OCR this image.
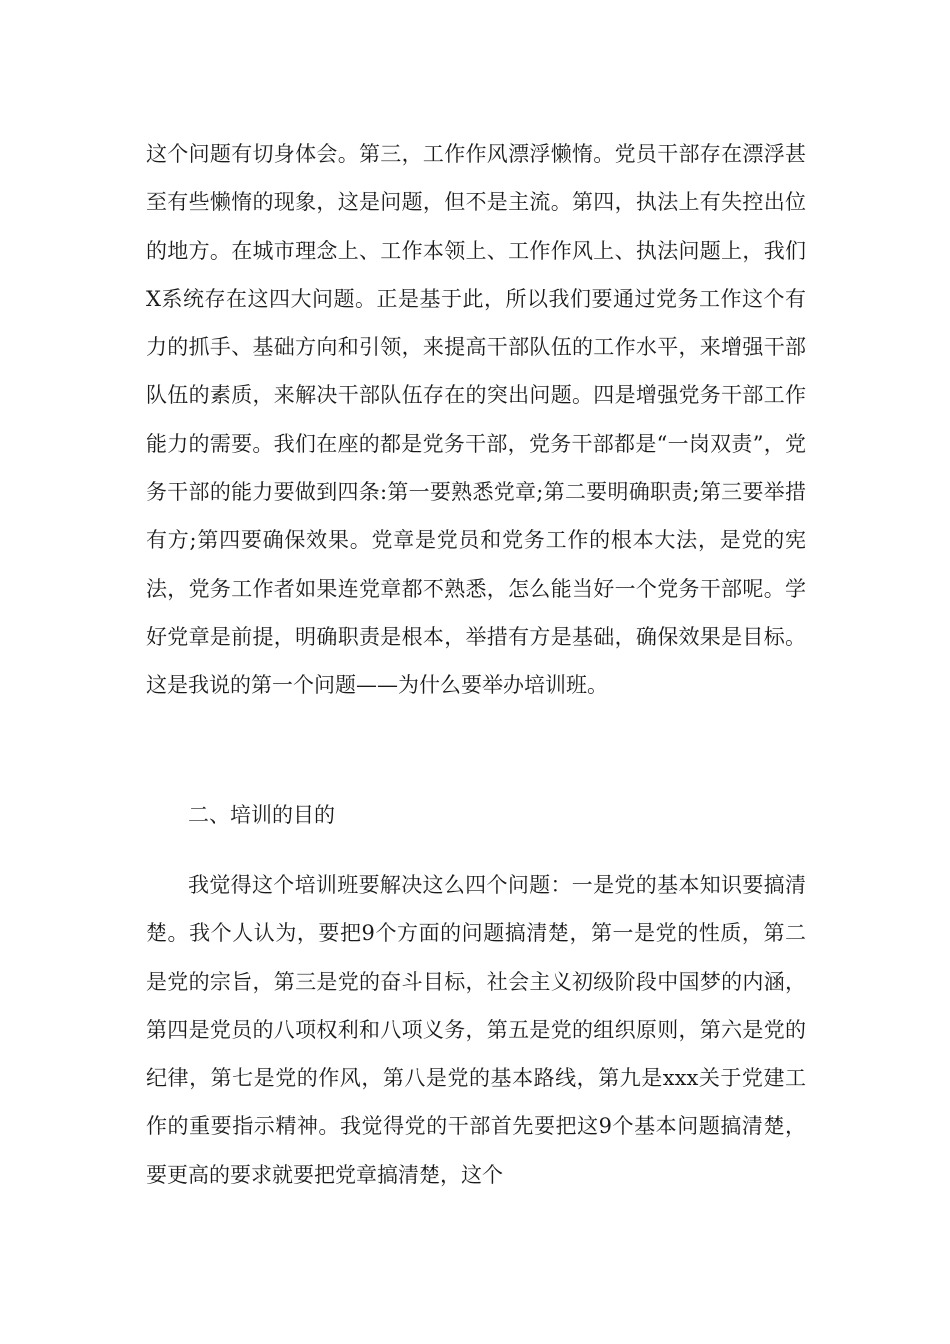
这个问题有切身体会。第三，工作作风漂浮懒惰。党员干部存在漂浮甚至有些懒惰的现象，这是问题，但不是主流。第四，执法上有失控出位的地方。在城市理念上、工作本领上、工作作风上、执法问题上，我们X系统存在这四大问题。正是基于此，所以我们要通过党务工作这个有力的抓手、基础方向和引领，来提高干部队伍的工作水平，来增强干部队伍的素质，来解决干部队伍存在的突出问题。四是增强党务干部工作能力的需要。我们在座的都是党务干部，党务干部都是“一岗双责”，党务干部的能力要做到四条:第一要熟悉党章;第二要明确职责;第三要举措有方;第四要确保效果。党章是党员和党务工作的根本大法，是党的宪法，党务工作者如果连党章都不熟悉，怎么能当好一个党务干部呢。学好党章是前提，明确职责是根本，举措有方是基础，确保效果是目标。这是我说的第一个问题——为什么要举办培训班。

二、培训的目的

我觉得这个培训班要解决这么四个问题：一是党的基本知识要搞清楚。我个人认为，要把9个方面的问题搞清楚，第一是党的性质，第二是党的宗旨，第三是党的奋斗目标，社会主义初级阶段中国梦的内涵，第四是党员的八项权利和八项义务，第五是党的组织原则，第六是党的纪律，第七是党的作风，第八是党的基本路线，第九是xxx关于党建工作的重要指示精神。我觉得党的干部首先要把这9个基本问题搞清楚，要更高的要求就要把党章搞清楚，这个
